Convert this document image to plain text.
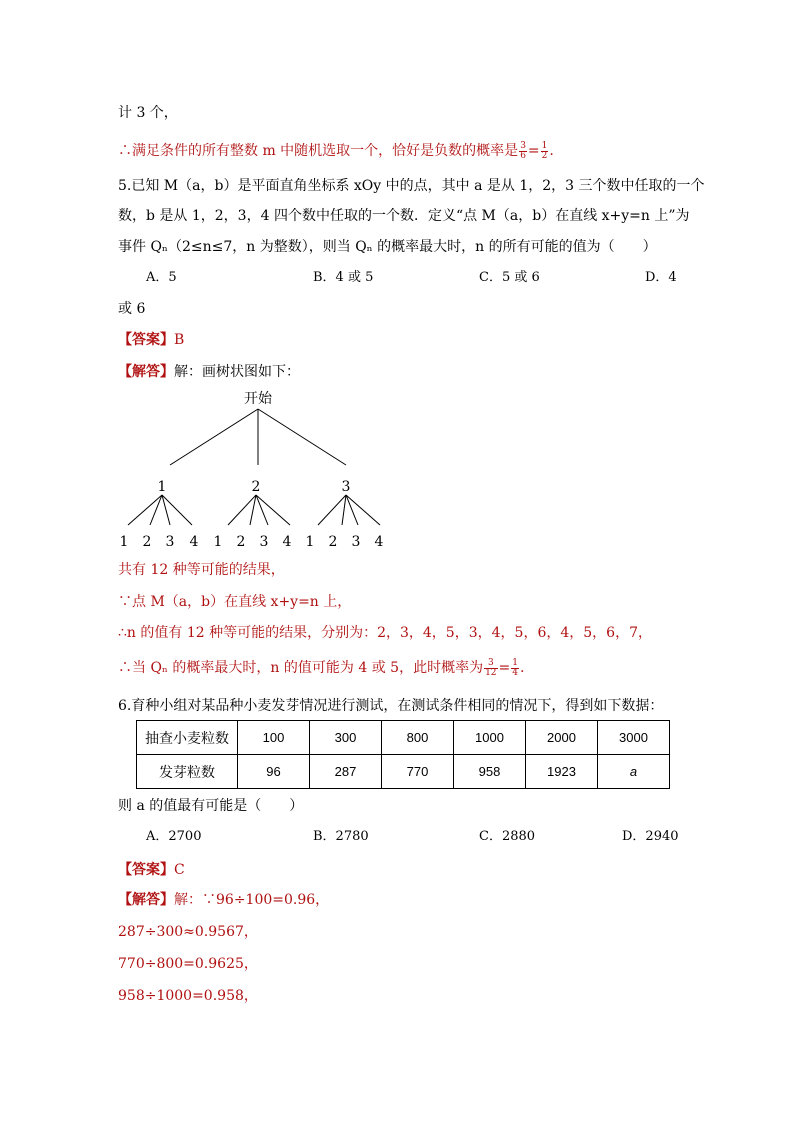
计 3 个，
∴满足条件的所有整数 m 中随机选取一个，恰好是负数的概率是 $\frac{3}{6} = \frac{1}{2}$ .
5.已知 M（a，b）是平面直角坐标系 xOy 中的点，其中 a 是从 1，2，3 三个数中任取的一个
数，b 是从 1，2，3，4 四个数中任取的一个数．定义“点 M（a，b）在直线 x+y=n 上”为
事件 Qₙ（2≤n≤7，n 为整数），则当 Qₙ 的概率最大时，n 的所有可能的值为（　　）
A．5	B．4 或 5	C．5 或 6	D．4
或 6
【答案】B
【解答】解：画树状图如下：
开始
1	2	3
1 2 3 4 1 2 3 4 1 2 3 4
共有 12 种等可能的结果，
∵点 M（a，b）在直线 x+y=n 上，
∴n 的值有 12 种等可能的结果，分别为：2，3，4，5，3，4，5，6，4，5，6，7，
∴当 Qₙ 的概率最大时，n 的值可能为 4 或 5，此时概率为 $\frac{3}{12} = \frac{1}{4}$ .
6.育种小组对某品种小麦发芽情况进行测试，在测试条件相同的情况下，得到如下数据：
抽查小麦粒数	100	300	800	1000	2000	3000
发芽粒数	96	287	770	958	1923	a
则 a 的值最有可能是（　　）
A．2700	B．2780	C．2880	D．2940
【答案】C
【解答】解：∵96÷100=0.96，
287÷300≈0.9567，
770÷800=0.9625，
958÷1000=0.958，
